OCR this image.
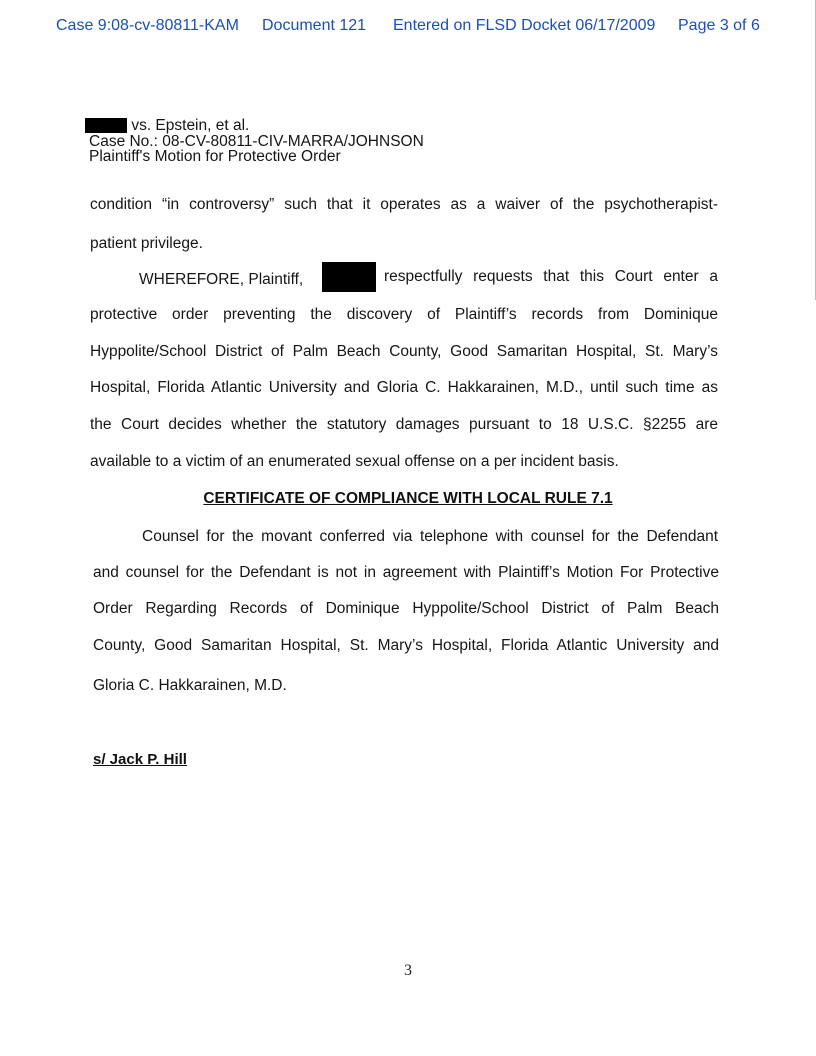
Case 9:08-cv-80811-KAM Document 121 Entered on FLSD Docket 06/17/2009 Page 3 of 6
vs. Epstein, et al.
Case No.: 08-CV-80811-CIV-MARRA/JOHNSON
Plaintiff's Motion for Protective Order
condition “in controversy” such that it operates as a waiver of the psychotherapist-
patient privilege.
WHEREFORE, Plaintiff,	respectfully requests that this Court enter a
protective order preventing the discovery of Plaintiff’s records from Dominique
Hyppolite/School District of Palm Beach County, Good Samaritan Hospital, St. Mary’s
Hospital, Florida Atlantic University and Gloria C. Hakkarainen, M.D., until such time as
the Court decides whether the statutory damages pursuant to 18 U.S.C. §2255 are
available to a victim of an enumerated sexual offense on a per incident basis.
CERTIFICATE OF COMPLIANCE WITH LOCAL RULE 7.1
Counsel for the movant conferred via telephone with counsel for the Defendant
and counsel for the Defendant is not in agreement with Plaintiff’s Motion For Protective
Order Regarding Records of Dominique Hyppolite/School District of Palm Beach
County, Good Samaritan Hospital, St. Mary’s Hospital, Florida Atlantic University and
Gloria C. Hakkarainen, M.D.
s/ Jack P. Hill
3
